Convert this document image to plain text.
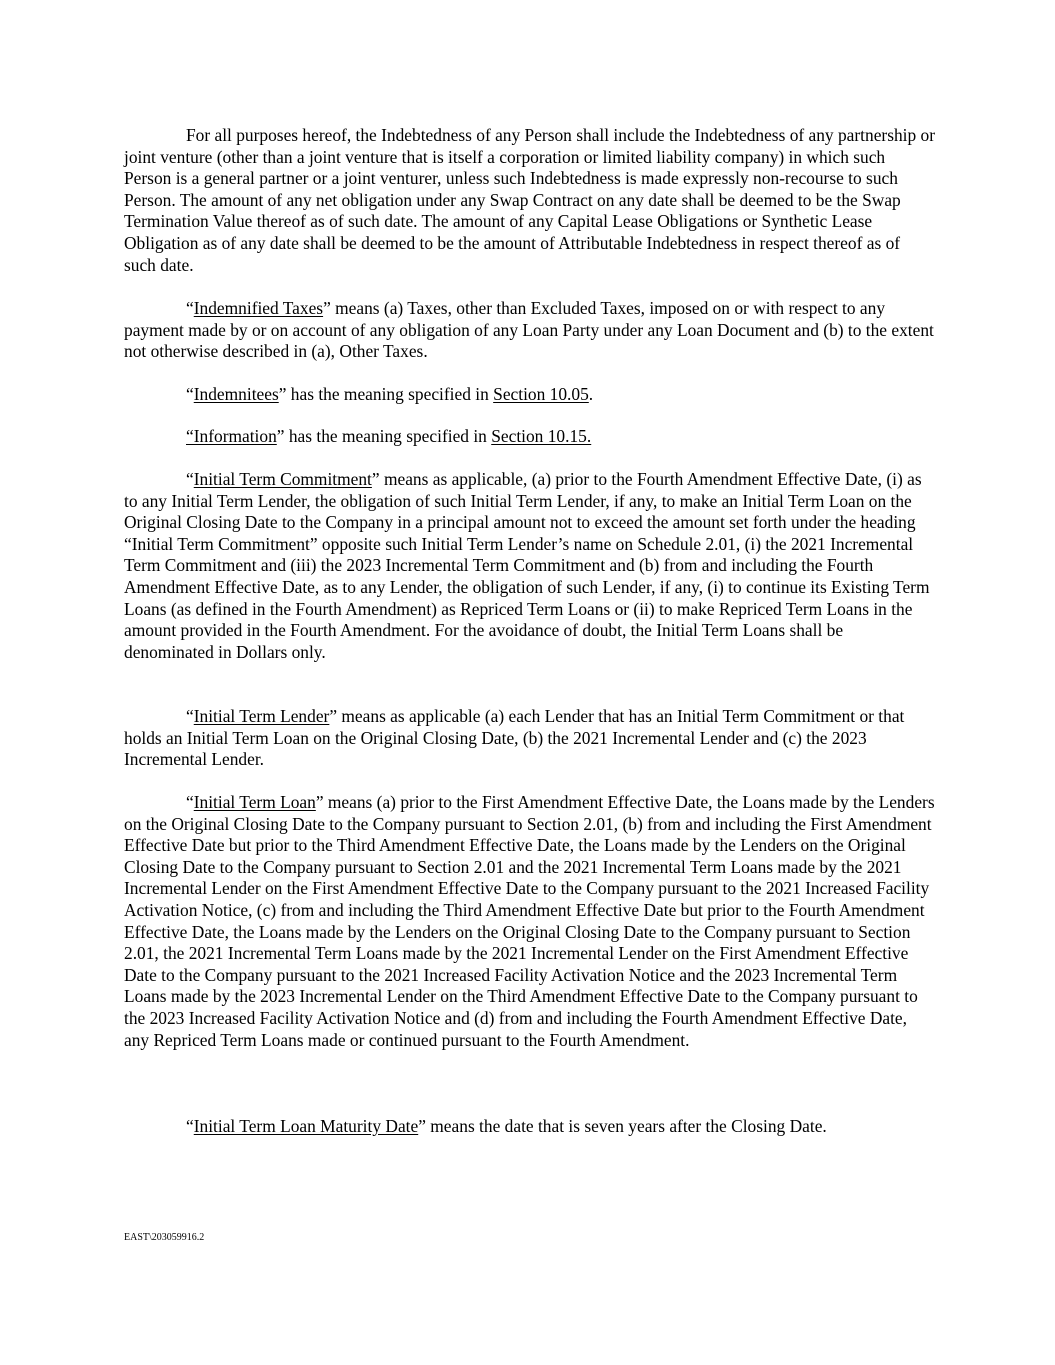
For all purposes hereof, the Indebtedness of any Person shall include the Indebtedness of any partnership or joint venture (other than a joint venture that is itself a corporation or limited liability company) in which such Person is a general partner or a joint venturer, unless such Indebtedness is made expressly non-recourse to such Person. The amount of any net obligation under any Swap Contract on any date shall be deemed to be the Swap Termination Value thereof as of such date. The amount of any Capital Lease Obligations or Synthetic Lease Obligation as of any date shall be deemed to be the amount of Attributable Indebtedness in respect thereof as of such date.

“Indemnified Taxes” means (a) Taxes, other than Excluded Taxes, imposed on or with respect to any payment made by or on account of any obligation of any Loan Party under any Loan Document and (b) to the extent not otherwise described in (a), Other Taxes.

“Indemnitees” has the meaning specified in Section 10.05.

“Information” has the meaning specified in Section 10.15.

“Initial Term Commitment” means as applicable, (a) prior to the Fourth Amendment Effective Date, (i) as to any Initial Term Lender, the obligation of such Initial Term Lender, if any, to make an Initial Term Loan on the Original Closing Date to the Company in a principal amount not to exceed the amount set forth under the heading “Initial Term Commitment” opposite such Initial Term Lender’s name on Schedule 2.01, (i) the 2021 Incremental Term Commitment and (iii) the 2023 Incremental Term Commitment and (b) from and including the Fourth Amendment Effective Date, as to any Lender, the obligation of such Lender, if any, (i) to continue its Existing Term Loans (as defined in the Fourth Amendment) as Repriced Term Loans or (ii) to make Repriced Term Loans in the amount provided in the Fourth Amendment. For the avoidance of doubt, the Initial Term Loans shall be denominated in Dollars only.

“Initial Term Lender” means as applicable (a) each Lender that has an Initial Term Commitment or that holds an Initial Term Loan on the Original Closing Date, (b) the 2021 Incremental Lender and (c) the 2023 Incremental Lender.

“Initial Term Loan” means (a) prior to the First Amendment Effective Date, the Loans made by the Lenders on the Original Closing Date to the Company pursuant to Section 2.01, (b) from and including the First Amendment Effective Date but prior to the Third Amendment Effective Date, the Loans made by the Lenders on the Original Closing Date to the Company pursuant to Section 2.01 and the 2021 Incremental Term Loans made by the 2021 Incremental Lender on the First Amendment Effective Date to the Company pursuant to the 2021 Increased Facility Activation Notice, (c) from and including the Third Amendment Effective Date but prior to the Fourth Amendment Effective Date, the Loans made by the Lenders on the Original Closing Date to the Company pursuant to Section 2.01, the 2021 Incremental Term Loans made by the 2021 Incremental Lender on the First Amendment Effective Date to the Company pursuant to the 2021 Increased Facility Activation Notice and the 2023 Incremental Term Loans made by the 2023 Incremental Lender on the Third Amendment Effective Date to the Company pursuant to the 2023 Increased Facility Activation Notice and (d) from and including the Fourth Amendment Effective Date, any Repriced Term Loans made or continued pursuant to the Fourth Amendment.

“Initial Term Loan Maturity Date” means the date that is seven years after the Closing Date.

EAST\203059916.2
